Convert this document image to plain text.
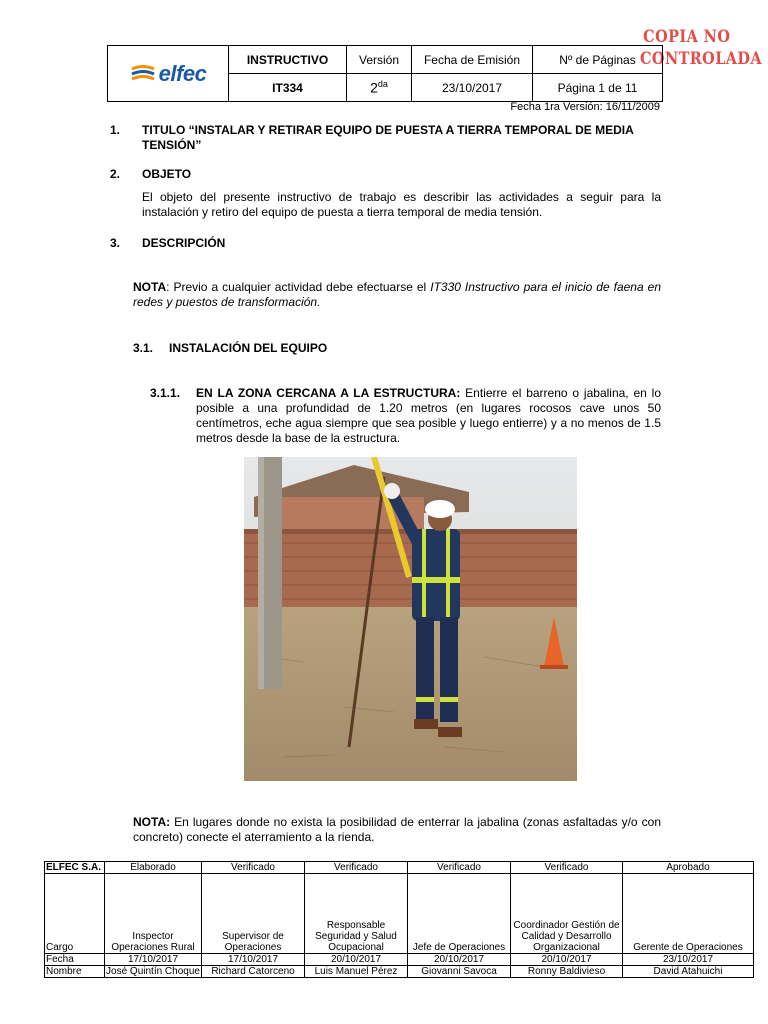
COPIA NO
CONTROLADA
elfec	INSTRUCTIVO	Versión	Fecha de Emisión	Nº de Páginas
	IT334	$2^{da}$	23/10/2017	Página 1 de 11
Fecha 1ra Versión: 16/11/2009
1. TITULO “INSTALAR Y RETIRAR EQUIPO DE PUESTA A TIERRA TEMPORAL DE MEDIA
TENSIÓN”
2. OBJETO
El objeto del presente instructivo de trabajo es describir las actividades a seguir para la instalación y retiro del equipo de puesta a tierra temporal de media tensión.
3. DESCRIPCIÓN
NOTA: Previo a cualquier actividad debe efectuarse el IT330 Instructivo para el inicio de faena en redes y puestos de transformación.
3.1. INSTALACIÓN DEL EQUIPO
3.1.1. EN LA ZONA CERCANA A LA ESTRUCTURA: Entierre el barreno o jabalina, en lo posible a una profundidad de 1.20 metros (en lugares rocosos cave unos 50 centímetros, eche agua siempre que sea posible y luego entierre) y a no menos de 1.5 metros desde la base de la estructura.
NOTA: En lugares donde no exista la posibilidad de enterrar la jabalina (zonas asfaltadas y/o con concreto) conecte el aterramiento a la rienda.
ELFEC S.A.	Elaborado	Verificado	Verificado	Verificado	Verificado	Aprobado
Cargo	Inspector Operaciones Rural	Supervisor de Operaciones	Responsable Seguridad y Salud Ocupacional	Jefe de Operaciones	Coordinador Gestión de Calidad y Desarrollo Organizacional	Gerente de Operaciones
Fecha	17/10/2017	17/10/2017	20/10/2017	20/10/2017	20/10/2017	23/10/2017
Nombre	José Quintín Choque	Richard Catorceno	Luis Manuel Pérez	Giovanni Savoca	Ronny Baldivieso	David Atahuichi
